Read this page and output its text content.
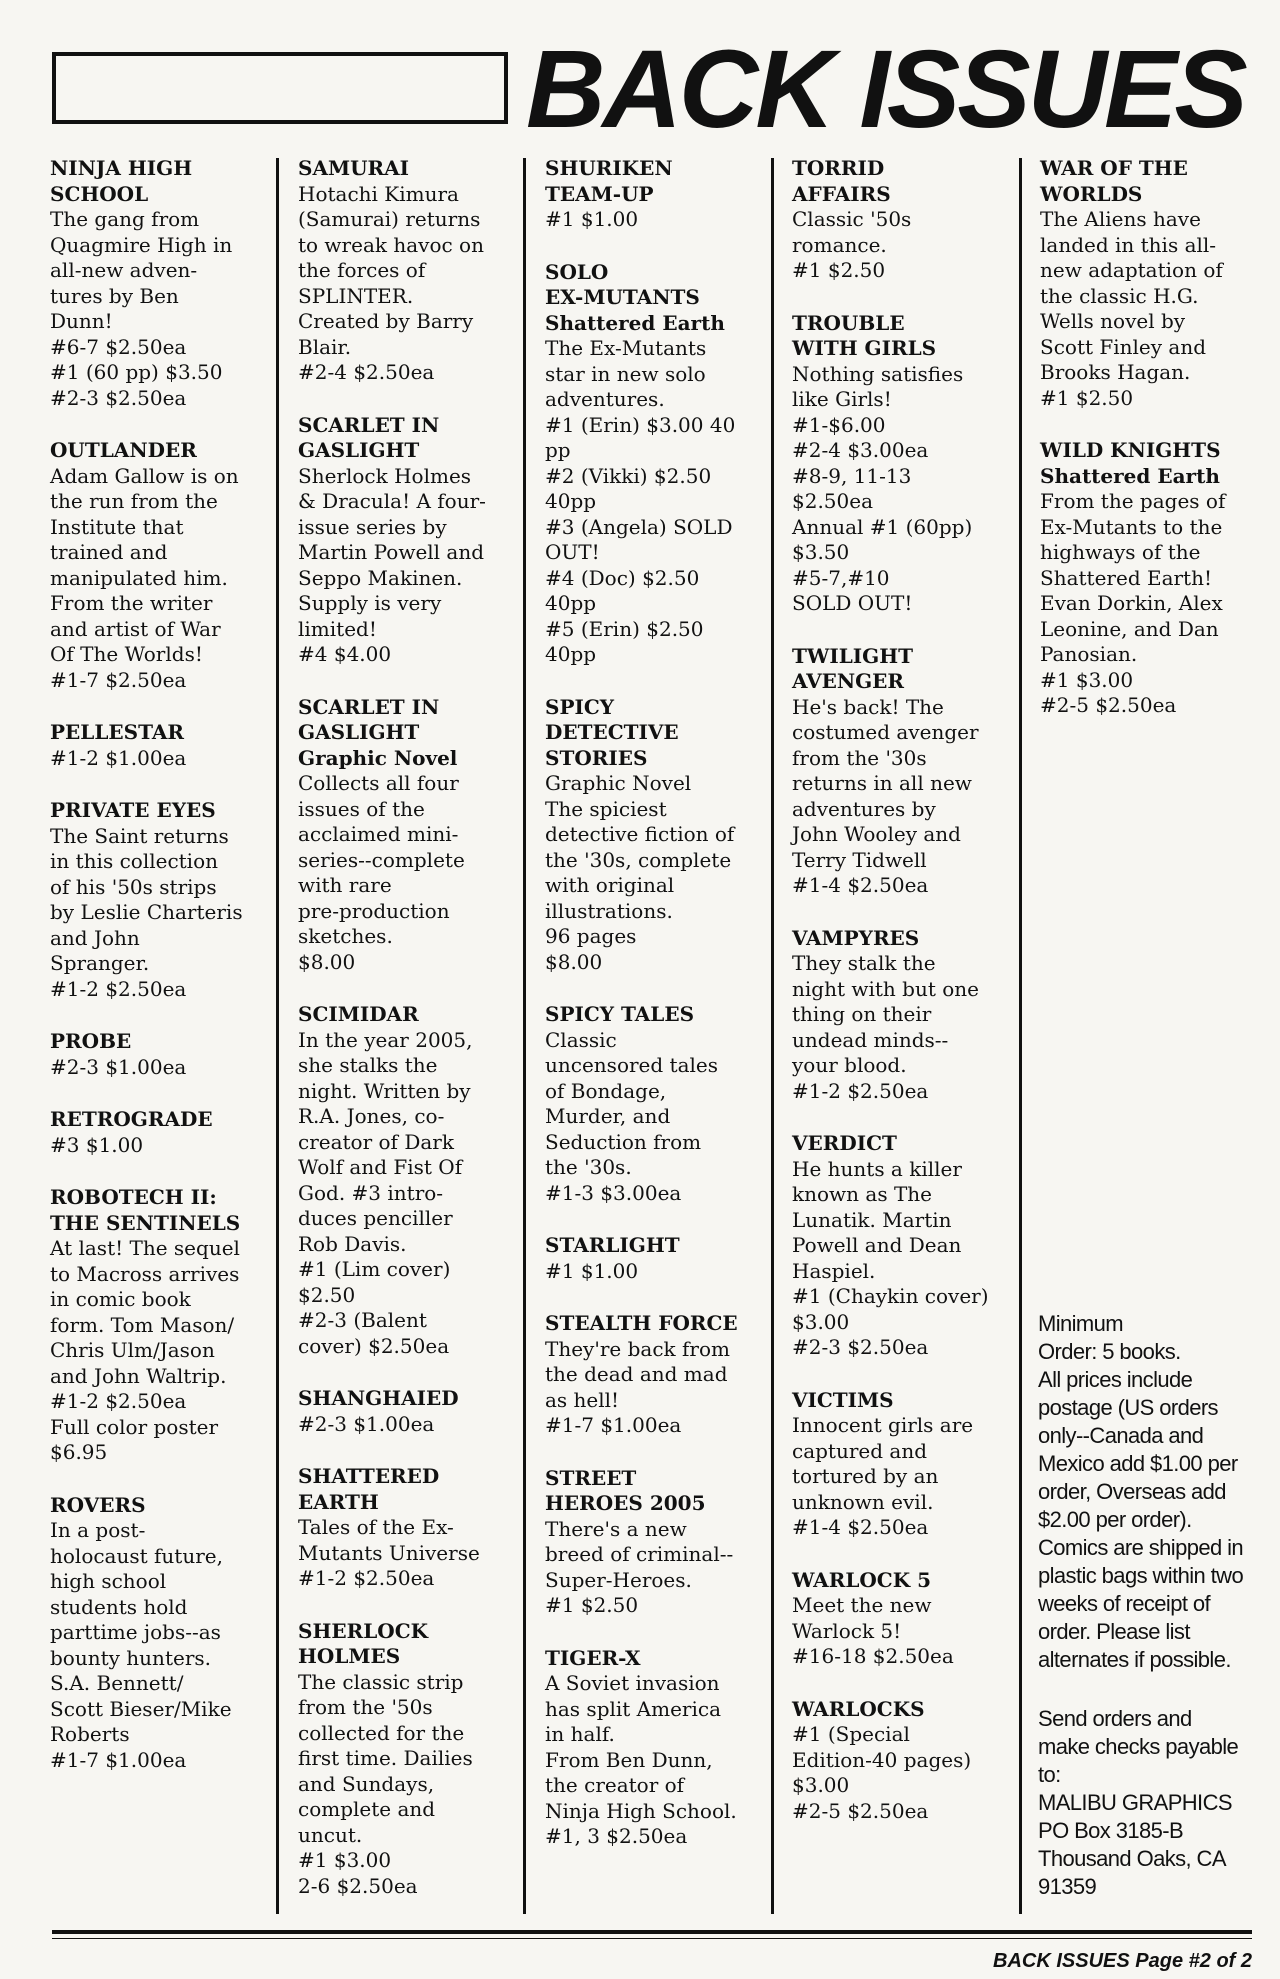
BACK ISSUES
NINJA HIGH
SCHOOL
The gang from
Quagmire High in
all-new adven-
tures by Ben
Dunn!
#6-7 $2.50ea
#1 (60 pp) $3.50
#2-3 $2.50ea
OUTLANDER
Adam Gallow is on
the run from the
Institute that
trained and
manipulated him.
From the writer
and artist of War
Of The Worlds!
#1-7 $2.50ea
PELLESTAR
#1-2 $1.00ea
PRIVATE EYES
The Saint returns
in this collection
of his '50s strips
by Leslie Charteris
and John
Spranger.
#1-2 $2.50ea
PROBE
#2-3 $1.00ea
RETROGRADE
#3 $1.00
ROBOTECH II:
THE SENTINELS
At last! The sequel
to Macross arrives
in comic book
form. Tom Mason/
Chris Ulm/Jason
and John Waltrip.
#1-2 $2.50ea
Full color poster
$6.95
ROVERS
In a post-
holocaust future,
high school
students hold
parttime jobs--as
bounty hunters.
S.A. Bennett/
Scott Bieser/Mike
Roberts
#1-7 $1.00ea
SAMURAI
Hotachi Kimura
(Samurai) returns
to wreak havoc on
the forces of
SPLINTER.
Created by Barry
Blair.
#2-4 $2.50ea
SCARLET IN
GASLIGHT
Sherlock Holmes
& Dracula! A four-
issue series by
Martin Powell and
Seppo Makinen.
Supply is very
limited!
#4 $4.00
SCARLET IN
GASLIGHT
Graphic Novel
Collects all four
issues of the
acclaimed mini-
series--complete
with rare
pre-production
sketches.
$8.00
SCIMIDAR
In the year 2005,
she stalks the
night. Written by
R.A. Jones, co-
creator of Dark
Wolf and Fist Of
God. #3 intro-
duces penciller
Rob Davis.
#1 (Lim cover)
$2.50
#2-3 (Balent
cover) $2.50ea
SHANGHAIED
#2-3 $1.00ea
SHATTERED
EARTH
Tales of the Ex-
Mutants Universe
#1-2 $2.50ea
SHERLOCK
HOLMES
The classic strip
from the '50s
collected for the
first time. Dailies
and Sundays,
complete and
uncut.
#1 $3.00
2-6 $2.50ea
SHURIKEN
TEAM-UP
#1 $1.00
SOLO
EX-MUTANTS
Shattered Earth
The Ex-Mutants
star in new solo
adventures.
#1 (Erin) $3.00 40
pp
#2 (Vikki) $2.50
40pp
#3 (Angela) SOLD
OUT!
#4 (Doc) $2.50
40pp
#5 (Erin) $2.50
40pp
SPICY
DETECTIVE
STORIES
Graphic Novel
The spiciest
detective fiction of
the '30s, complete
with original
illustrations.
96 pages
$8.00
SPICY TALES
Classic
uncensored tales
of Bondage,
Murder, and
Seduction from
the '30s.
#1-3 $3.00ea
STARLIGHT
#1 $1.00
STEALTH FORCE
They're back from
the dead and mad
as hell!
#1-7 $1.00ea
STREET
HEROES 2005
There's a new
breed of criminal--
Super-Heroes.
#1 $2.50
TIGER-X
A Soviet invasion
has split America
in half.
From Ben Dunn,
the creator of
Ninja High School.
#1, 3 $2.50ea
TORRID
AFFAIRS
Classic '50s
romance.
#1 $2.50
TROUBLE
WITH GIRLS
Nothing satisfies
like Girls!
#1-$6.00
#2-4 $3.00ea
#8-9, 11-13
$2.50ea
Annual #1 (60pp)
$3.50
#5-7,#10
SOLD OUT!
TWILIGHT
AVENGER
He's back! The
costumed avenger
from the '30s
returns in all new
adventures by
John Wooley and
Terry Tidwell
#1-4 $2.50ea
VAMPYRES
They stalk the
night with but one
thing on their
undead minds--
your blood.
#1-2 $2.50ea
VERDICT
He hunts a killer
known as The
Lunatik. Martin
Powell and Dean
Haspiel.
#1 (Chaykin cover)
$3.00
#2-3 $2.50ea
VICTIMS
Innocent girls are
captured and
tortured by an
unknown evil.
#1-4 $2.50ea
WARLOCK 5
Meet the new
Warlock 5!
#16-18 $2.50ea
WARLOCKS
#1 (Special
Edition-40 pages)
$3.00
#2-5 $2.50ea
WAR OF THE
WORLDS
The Aliens have
landed in this all-
new adaptation of
the classic H.G.
Wells novel by
Scott Finley and
Brooks Hagan.
#1 $2.50
WILD KNIGHTS
Shattered Earth
From the pages of
Ex-Mutants to the
highways of the
Shattered Earth!
Evan Dorkin, Alex
Leonine, and Dan
Panosian.
#1 $3.00
#2-5 $2.50ea
Minimum
Order: 5 books.
All prices include
postage (US orders
only--Canada and
Mexico add $1.00 per
order, Overseas add
$2.00 per order).
Comics are shipped in
plastic bags within two
weeks of receipt of
order. Please list
alternates if possible.
Send orders and
make checks payable
to:
MALIBU GRAPHICS
PO Box 3185-B
Thousand Oaks, CA
91359
BACK ISSUES Page #2 of 2
